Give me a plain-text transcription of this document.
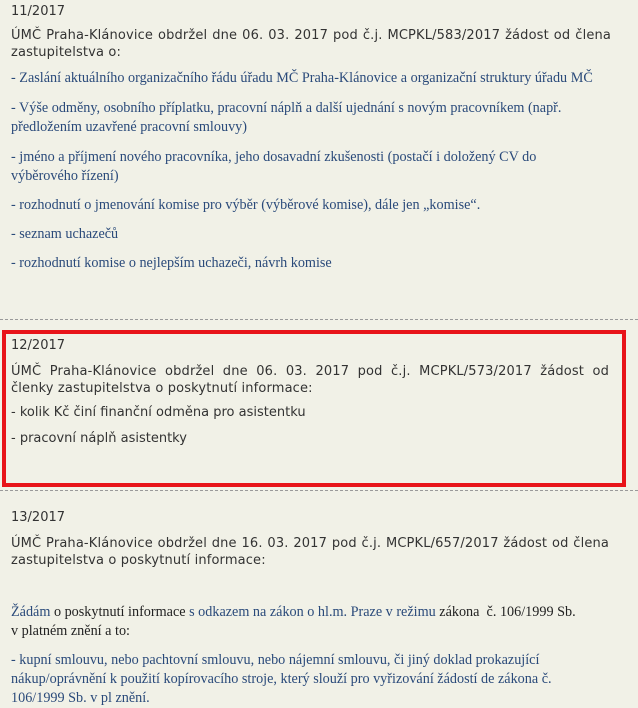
11/2017
ÚMČ Praha-Klánovice obdržel dne 06. 03. 2017 pod č.j. MCPKL/583/2017 žádost od člena zastupitelstva o:
- Zaslání aktuálního organizačního řádu úřadu MČ Praha-Klánovice a organizační struktury úřadu MČ
- Výše odměny, osobního příplatku, pracovní náplň a další ujednání s novým pracovníkem (např. předložením uzavřené pracovní smlouvy)
- jméno a příjmení nového pracovníka, jeho dosavadní zkušenosti (postačí i doložený CV do výběrového řízení)
- rozhodnutí o jmenování komise pro výběr (výběrové komise), dále jen „komise“.
- seznam uchazečů
- rozhodnutí komise o nejlepším uchazeči, návrh komise
12/2017
ÚMČ Praha-Klánovice obdržel dne 06. 03. 2017 pod č.j. MCPKL/573/2017 žádost od členky zastupitelstva o poskytnutí informace:
- kolik Kč činí finanční odměna pro asistentku
- pracovní náplň asistentky
13/2017
ÚMČ Praha-Klánovice obdržel dne 16. 03. 2017 pod č.j. MCPKL/657/2017 žádost od člena zastupitelstva o poskytnutí informace:
Žádám o poskytnutí informace s odkazem na zákon o hl.m. Praze v režimu zákona  č. 106/1999 Sb.
v platném znění a to:
- kupní smlouvu, nebo pachtovní smlouvu, nebo nájemní smlouvu, či jiný doklad prokazující nákup/oprávnění k použití kopírovacího stroje, který slouží pro vyřizování žádostí de zákona č. 106/1999 Sb. v pl znění.
